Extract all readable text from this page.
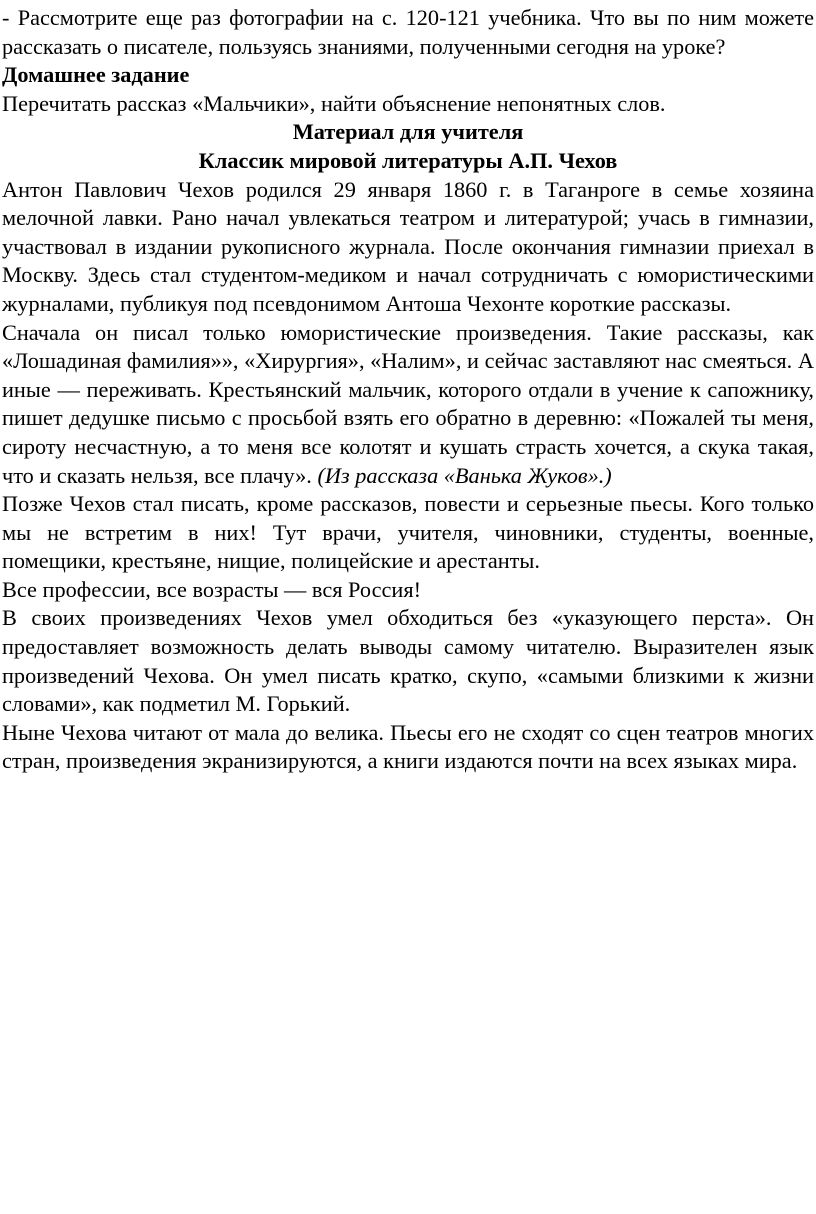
- Рассмотрите еще раз фотографии на с. 120-121 учебника. Что вы по ним можете рассказать о писателе, пользуясь знаниями, полученными сегодня на уроке?

Домашнее задание

Перечитать рассказ «Мальчики», найти объяснение непонятных слов.

Материал для учителя

Классик мировой литературы А.П. Чехов

Антон Павлович Чехов родился 29 января 1860 г. в Таганроге в семье хозяина мелочной лавки. Рано начал увлекаться театром и литературой; учась в гимназии, участвовал в издании рукописного журнала. После окончания гимназии приехал в Москву. Здесь стал студентом-медиком и начал сотрудничать с юмористическими журналами, публикуя под псевдонимом Антоша Чехонте короткие рассказы.

Сначала он писал только юмористические произведения. Такие рассказы, как «Лошадиная фамилия»», «Хирургия», «Налим», и сейчас заставляют нас смеяться. А иные — переживать. Крестьянский мальчик, которого отдали в учение к сапожнику, пишет дедушке письмо с просьбой взять его обратно в деревню: «Пожалей ты меня, сироту несчастную, а то меня все колотят и кушать страсть хочется, а скука такая, что и сказать нельзя, все плачу». (Из рассказа «Ванька Жуков».)

Позже Чехов стал писать, кроме рассказов, повести и серьезные пьесы. Кого только мы не встретим в них! Тут врачи, учителя, чиновники, студенты, военные, помещики, крестьяне, нищие, полицейские и арестанты.

Все профессии, все возрасты — вся Россия!

В своих произведениях Чехов умел обходиться без «указующего перста». Он предоставляет возможность делать выводы самому читателю. Выразителен язык произведений Чехова. Он умел писать кратко, скупо, «самыми близкими к жизни словами», как подметил М. Горький.

Ныне Чехова читают от мала до велика. Пьесы его не сходят со сцен театров многих стран, произведения экранизируются, а книги издаются почти на всех языках мира.
